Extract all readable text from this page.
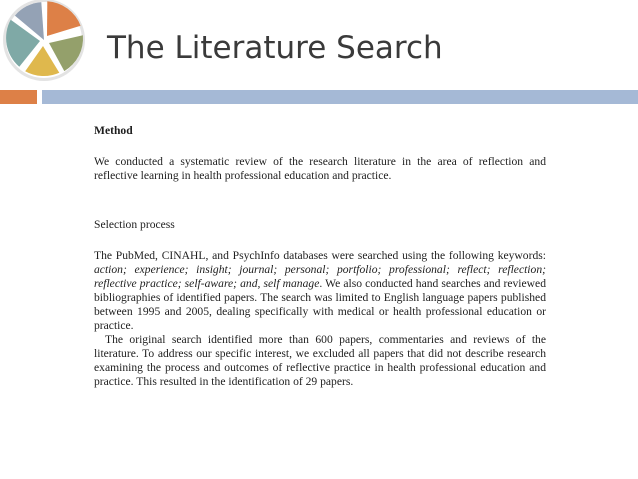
The Literature Search
Method

We conducted a systematic review of the research literature in the area of reflection and reflective learning in health professional education and practice.

Selection process

The PubMed, CINAHL, and PsychInfo databases were searched using the following keywords: action; experience; insight; journal; personal; portfolio; professional; reflect; reflection; reflective practice; self-aware; and, self manage. We also conducted hand searches and reviewed bibliographies of identified papers. The search was limited to English language papers published between 1995 and 2005, dealing specifically with medical or health professional education or practice.

The original search identified more than 600 papers, commentaries and reviews of the literature. To address our specific interest, we excluded all papers that did not describe research examining the process and outcomes of reflective practice in health professional education and practice. This resulted in the identification of 29 papers.
